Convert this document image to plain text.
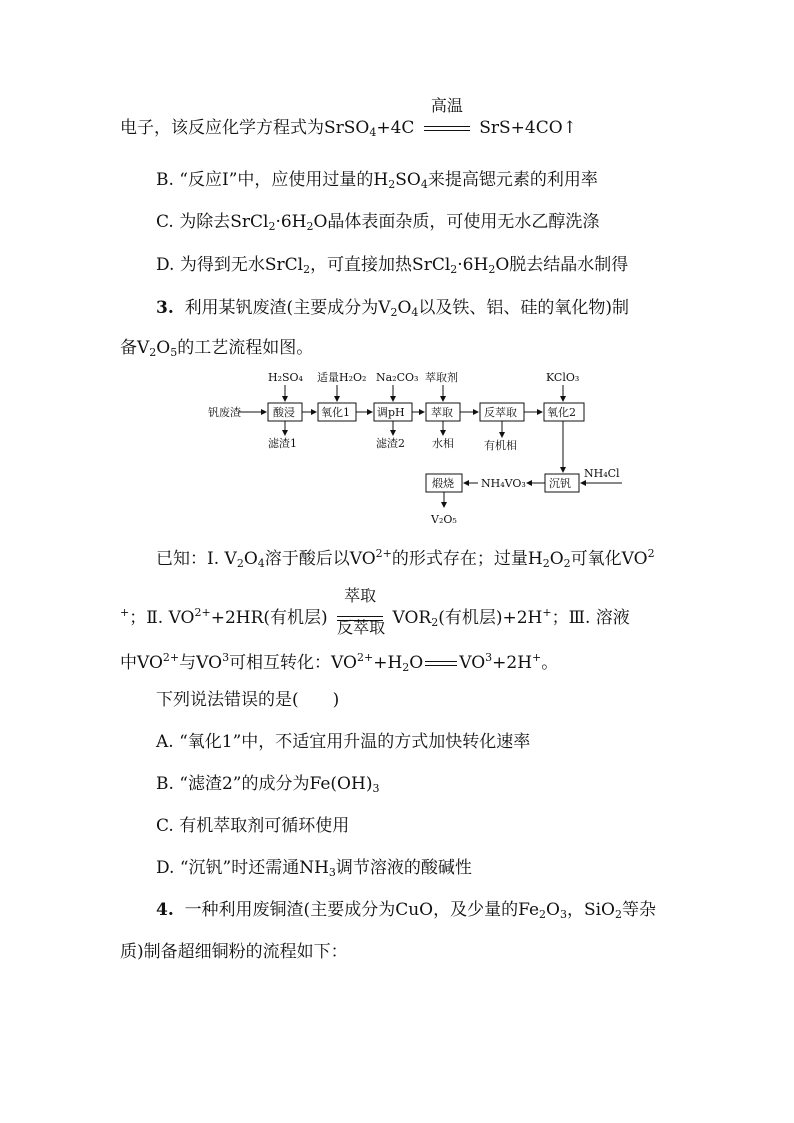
电子，该反应化学方程式为SrSO$_4$+4C
高温
SrS+4CO↑
B. “反应Ⅰ”中，应使用过量的$H_2SO_4$来提高锶元素的利用率
C. 为除去$SrCl_2\cdot 6H_2O$晶体表面杂质，可使用无水乙醇洗涤
D. 为得到无水SrCl$_2$，可直接加热$SrCl_2\cdot 6H_2O$脱去结晶水制得
3. 利用某钒废渣(主要成分为$V_2O_4$以及铁、铝、硅的氧化物)制
备$V_2O_5$的工艺流程如图。
钒废渣	酸浸 氧化1 调pH 萃取	反萃取	氧化2
沉钒
煅烧
H₂SO₄ 适量H₂O₂ Na₂CO₃ 萃取剂	KClO₃
NH₄Cl
滤渣1	滤渣2 水相	有机相
NH₄VO₃
V₂O₅
已知：Ⅰ. $V_2O_4$溶于酸后以$VO^{2+}$的形式存在；过量$H_2O_2$可氧化$VO^2$
+；Ⅱ. $VO^{2+}+2HR$(有机层)
萃取
反萃取 $VOR_2$(有机层)+2H+；Ⅲ. 溶液
中$VO^{2+}$与$VO^3$可相互转化：$VO^{2+}+H_2O$ $VO^3+2H^+$。
下列说法错误的是(　　)
A. “氧化1”中，不适宜用升温的方式加快转化速率
B. “滤渣2”的成分为$Fe(OH)_3$
C. 有机萃取剂可循环使用
D. “沉钒”时还需通$NH_3$调节溶液的酸碱性
4. 一种利用废铜渣(主要成分为CuO，及少量的$Fe_2O_3$，SiO$_2$等杂
质)制备超细铜粉的流程如下：
